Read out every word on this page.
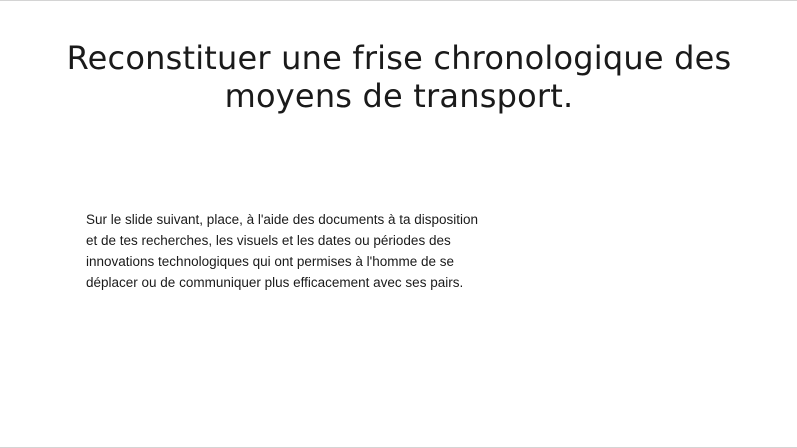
Reconstituer une frise chronologique des moyens de transport.

Sur le slide suivant, place, à l'aide des documents à ta disposition et de tes recherches, les visuels et les dates ou périodes des innovations technologiques qui ont permises à l'homme de se déplacer ou de communiquer plus efficacement avec ses pairs.
